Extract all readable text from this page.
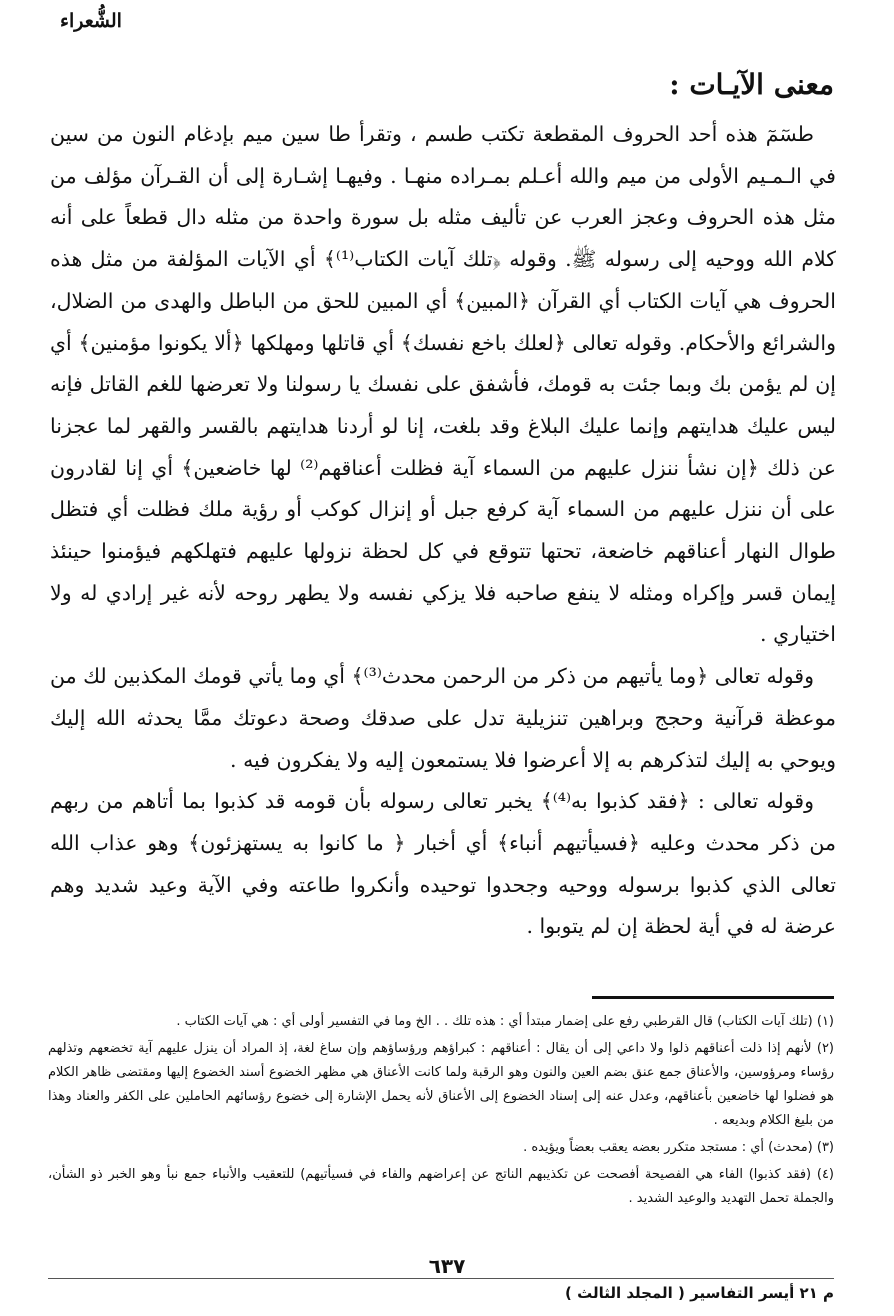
الشُّعراء
معنى الآيـات :

طسٓمٓ هذه أحد الحروف المقطعة تكتب طسم ، وتقرأ طا سين ميم بإدغام النون من سين في الـمـيم الأولى من ميم والله أعـلم بمـراده منهـا . وفيهـا إشـارة إلى أن القـرآن مؤلف من مثل هذه الحروف وعجز العرب عن تأليف مثله بل سورة واحدة من مثله دال قطعاً على أنه كلام الله ووحيه إلى رسوله ﷺ. وقوله ﴿تلك آيات الكتاب⁽¹⁾﴾ أي الآيات المؤلفة من مثل هذه الحروف هي آيات الكتاب أي القرآن ﴿المبين﴾ أي المبين للحق من الباطل والهدى من الضلال، والشرائع والأحكام. وقوله تعالى ﴿لعلك باخع نفسك﴾ أي قاتلها ومهلكها ﴿ألا يكونوا مؤمنين﴾ أي إن لم يؤمن بك وبما جئت به قومك، فأشفق على نفسك يا رسولنا ولا تعرضها للغم القاتل فإنه ليس عليك هدايتهم وإنما عليك البلاغ وقد بلغت، إنا لو أردنا هدايتهم بالقسر والقهر لما عجزنا عن ذلك ﴿إن نشأ ننزل عليهم من السماء آية فظلت أعناقهم⁽²⁾ لها خاضعين﴾ أي إنا لقادرون على أن ننزل عليهم من السماء آية كرفع جبل أو إنزال كوكب أو رؤية ملك فظلت أي فتظل طوال النهار أعناقهم خاضعة، تحتها تتوقع في كل لحظة نزولها عليهم فتهلكهم فيؤمنوا حينئذ إيمان قسر وإكراه ومثله لا ينفع صاحبه فلا يزكي نفسه ولا يطهر روحه لأنه غير إرادي له ولا اختياري .

وقوله تعالى ﴿وما يأتيهم من ذكر من الرحمن محدث⁽³⁾﴾ أي وما يأتي قومك المكذبين لك من موعظة قرآنية وحجج وبراهين تنزيلية تدل على صدقك وصحة دعوتك ممَّا يحدثه الله إليك ويوحي به إليك لتذكرهم به إلا أعرضوا فلا يستمعون إليه ولا يفكرون فيه .

وقوله تعالى : ﴿فقد كذبوا به⁽⁴⁾﴾ يخبر تعالى رسوله بأن قومه قد كذبوا بما أتاهم من ربهم من ذكر محدث وعليه ﴿فسيأتيهم أنباء﴾ أي أخبار ﴿ ما كانوا به يستهزئون﴾ وهو عذاب الله تعالى الذي كذبوا برسوله ووحيه وجحدوا توحيده وأنكروا طاعته وفي الآية وعيد شديد وهم عرضة له في أية لحظة إن لم يتوبوا .

(١) (تلك آيات الكتاب) قال القرطبي رفع على إضمار مبتدأ أي : هذه تلك . . الخ وما في التفسير أولى أي : هي آيات الكتاب .

(٢) لأنهم إذا ذلت أعناقهم ذلوا ولا داعي إلى أن يقال : أعناقهم : كبراؤهم ورؤساؤهم وإن ساغ لغة، إذ المراد أن ينزل عليهم آية تخضعهم وتذلهم رؤساء ومرؤوسين، والأعناق جمع عنق بضم العين والنون وهو الرقبة ولما كانت الأعناق هي مظهر الخضوع أسند الخضوع إليها ومقتضى ظاهر الكلام هو فضلوا لها خاضعين بأعناقهم، وعدل عنه إلى إسناد الخضوع إلى الأعناق لأنه يحمل الإشارة إلى خضوع رؤسائهم الحاملين على الكفر والعناد وهذا من بليغ الكلام وبديعه .

(٣) (محدث) أي : مستجد متكرر بعضه يعقب بعضاً ويؤيده .

(٤) (فقد كذبوا) الفاء هي الفصيحة أفصحت عن تكذيبهم الناتج عن إعراضهم والفاء في فسيأتيهم) للتعقيب والأنباء جمع نبأ وهو الخبر ذو الشأن، والجملة تحمل التهديد والوعيد الشديد .

٦٣٧
م ٢١ أيسر التفاسير ( المجلد الثالث )
